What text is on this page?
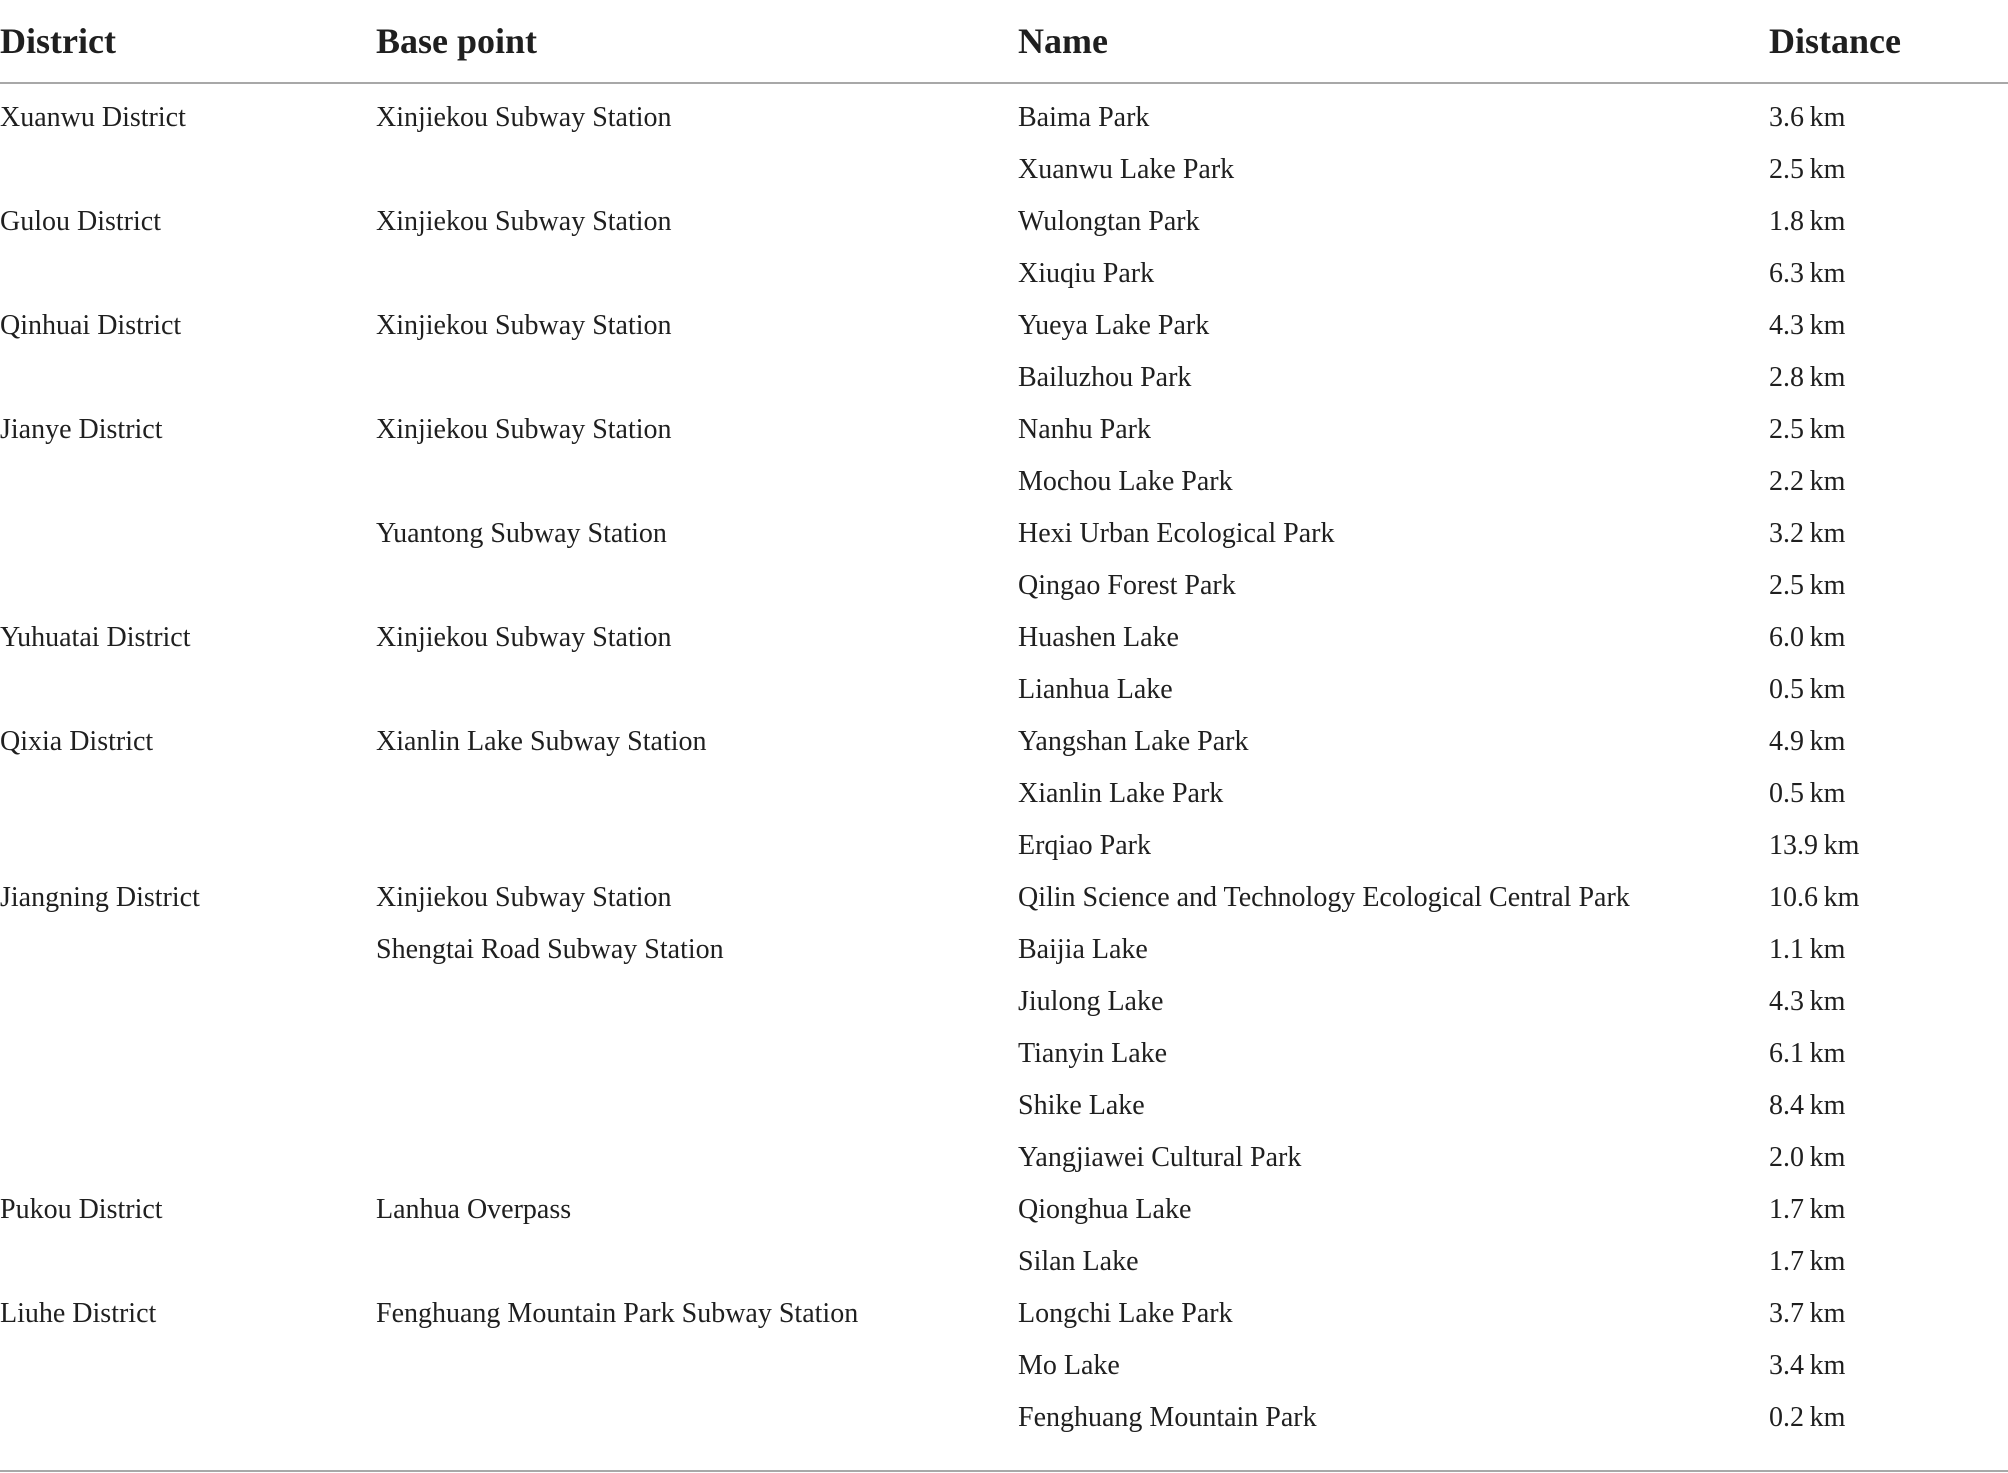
District	Base point	Name	Distance
Xuanwu District	Xinjiekou Subway Station	Baima Park	3.6 km
		Xuanwu Lake Park	2.5 km
Gulou District	Xinjiekou Subway Station	Wulongtan Park	1.8 km
		Xiuqiu Park	6.3 km
Qinhuai District	Xinjiekou Subway Station	Yueya Lake Park	4.3 km
		Bailuzhou Park	2.8 km
Jianye District	Xinjiekou Subway Station	Nanhu Park	2.5 km
		Mochou Lake Park	2.2 km
	Yuantong Subway Station	Hexi Urban Ecological Park	3.2 km
		Qingao Forest Park	2.5 km
Yuhuatai District	Xinjiekou Subway Station	Huashen Lake	6.0 km
		Lianhua Lake	0.5 km
Qixia District	Xianlin Lake Subway Station	Yangshan Lake Park	4.9 km
		Xianlin Lake Park	0.5 km
		Erqiao Park	13.9 km
Jiangning District	Xinjiekou Subway Station	Qilin Science and Technology Ecological Central Park	10.6 km
	Shengtai Road Subway Station	Baijia Lake	1.1 km
		Jiulong Lake	4.3 km
		Tianyin Lake	6.1 km
		Shike Lake	8.4 km
		Yangjiawei Cultural Park	2.0 km
Pukou District	Lanhua Overpass	Qionghua Lake	1.7 km
		Silan Lake	1.7 km
Liuhe District	Fenghuang Mountain Park Subway Station	Longchi Lake Park	3.7 km
		Mo Lake	3.4 km
		Fenghuang Mountain Park	0.2 km
